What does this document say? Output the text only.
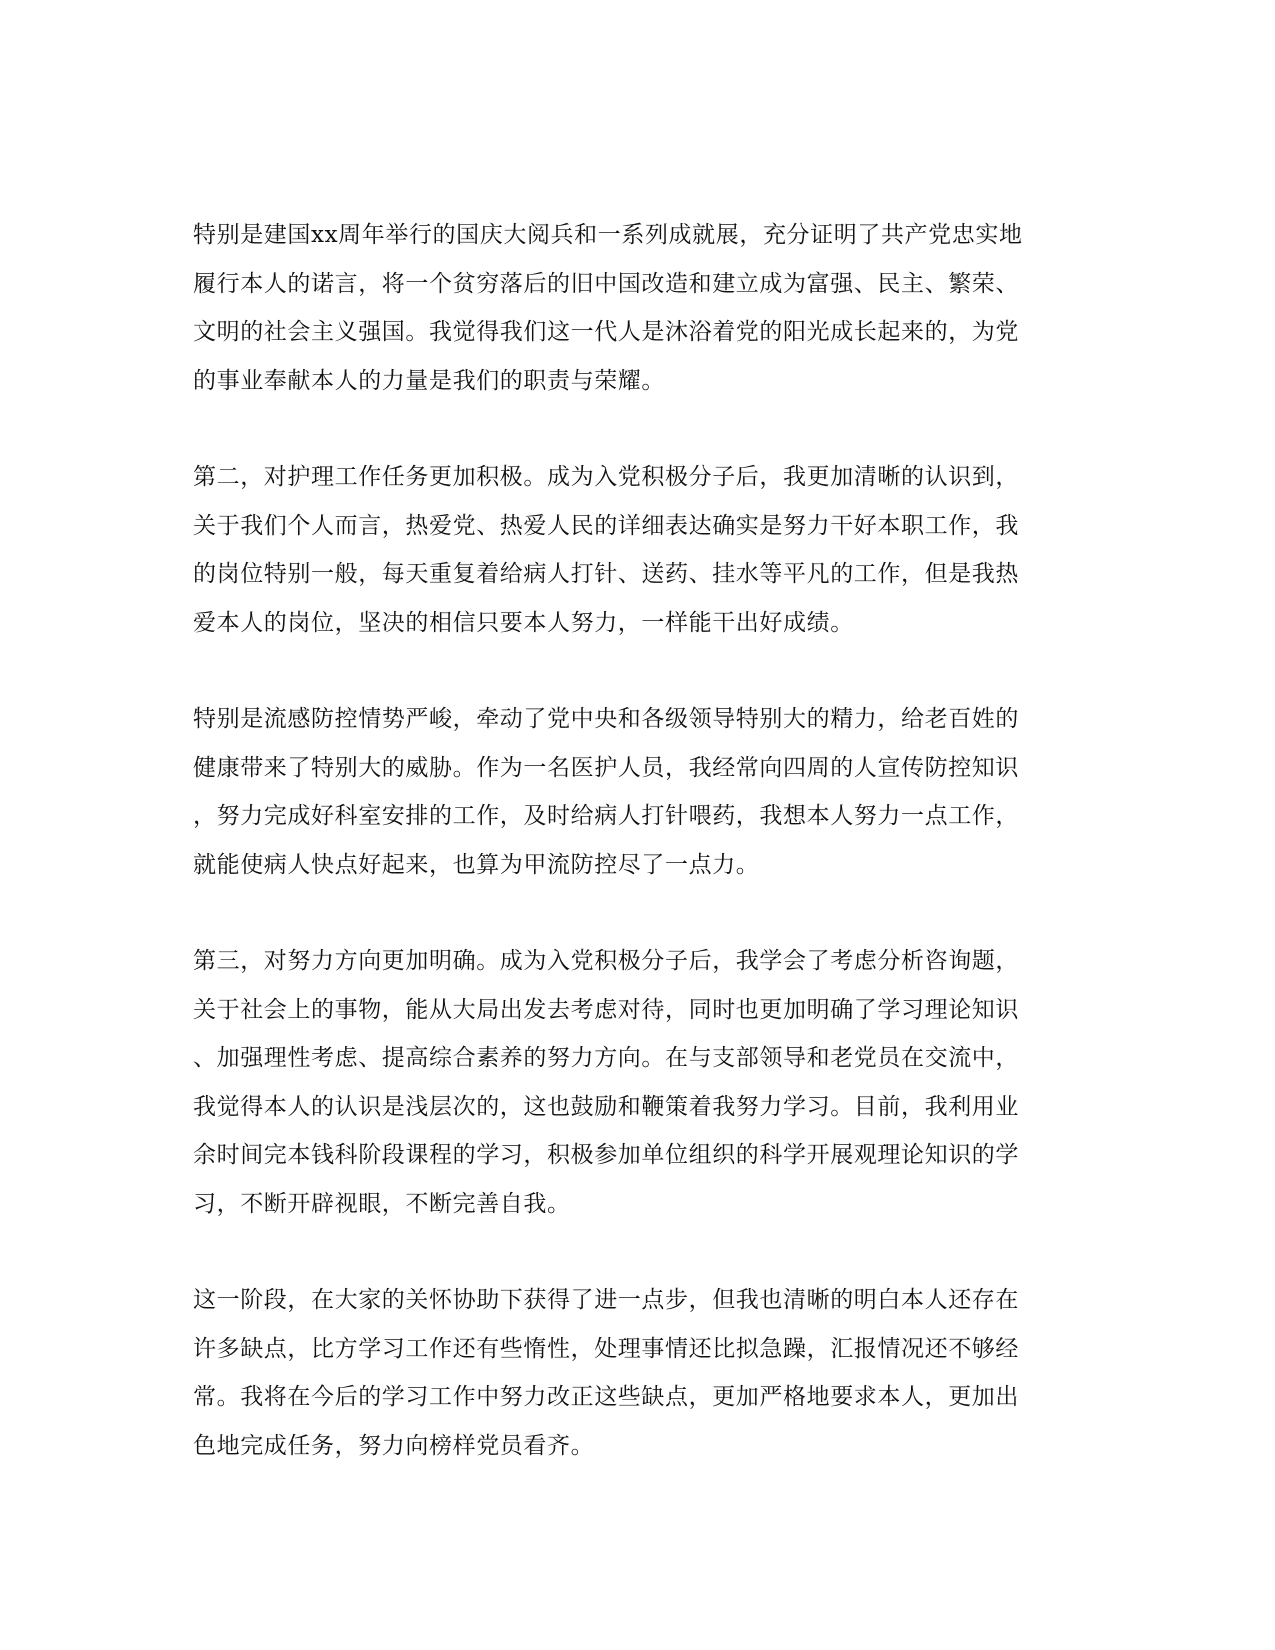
特别是建国xx周年举行的国庆大阅兵和一系列成就展，充分证明了共产党忠实地
履行本人的诺言，将一个贫穷落后的旧中国改造和建立成为富强、民主、繁荣、
文明的社会主义强国。我觉得我们这一代人是沐浴着党的阳光成长起来的，为党
的事业奉献本人的力量是我们的职责与荣耀。

第二，对护理工作任务更加积极。成为入党积极分子后，我更加清晰的认识到，
关于我们个人而言，热爱党、热爱人民的详细表达确实是努力干好本职工作，我
的岗位特别一般，每天重复着给病人打针、送药、挂水等平凡的工作，但是我热
爱本人的岗位，坚决的相信只要本人努力，一样能干出好成绩。

特别是流感防控情势严峻，牵动了党中央和各级领导特别大的精力，给老百姓的
健康带来了特别大的威胁。作为一名医护人员，我经常向四周的人宣传防控知识
，努力完成好科室安排的工作，及时给病人打针喂药，我想本人努力一点工作，
就能使病人快点好起来，也算为甲流防控尽了一点力。

第三，对努力方向更加明确。成为入党积极分子后，我学会了考虑分析咨询题，
关于社会上的事物，能从大局出发去考虑对待，同时也更加明确了学习理论知识
、加强理性考虑、提高综合素养的努力方向。在与支部领导和老党员在交流中，
我觉得本人的认识是浅层次的，这也鼓励和鞭策着我努力学习。目前，我利用业
余时间完本钱科阶段课程的学习，积极参加单位组织的科学开展观理论知识的学
习，不断开辟视眼，不断完善自我。

这一阶段，在大家的关怀协助下获得了进一点步，但我也清晰的明白本人还存在
许多缺点，比方学习工作还有些惰性，处理事情还比拟急躁，汇报情况还不够经
常。我将在今后的学习工作中努力改正这些缺点，更加严格地要求本人，更加出
色地完成任务，努力向榜样党员看齐。
